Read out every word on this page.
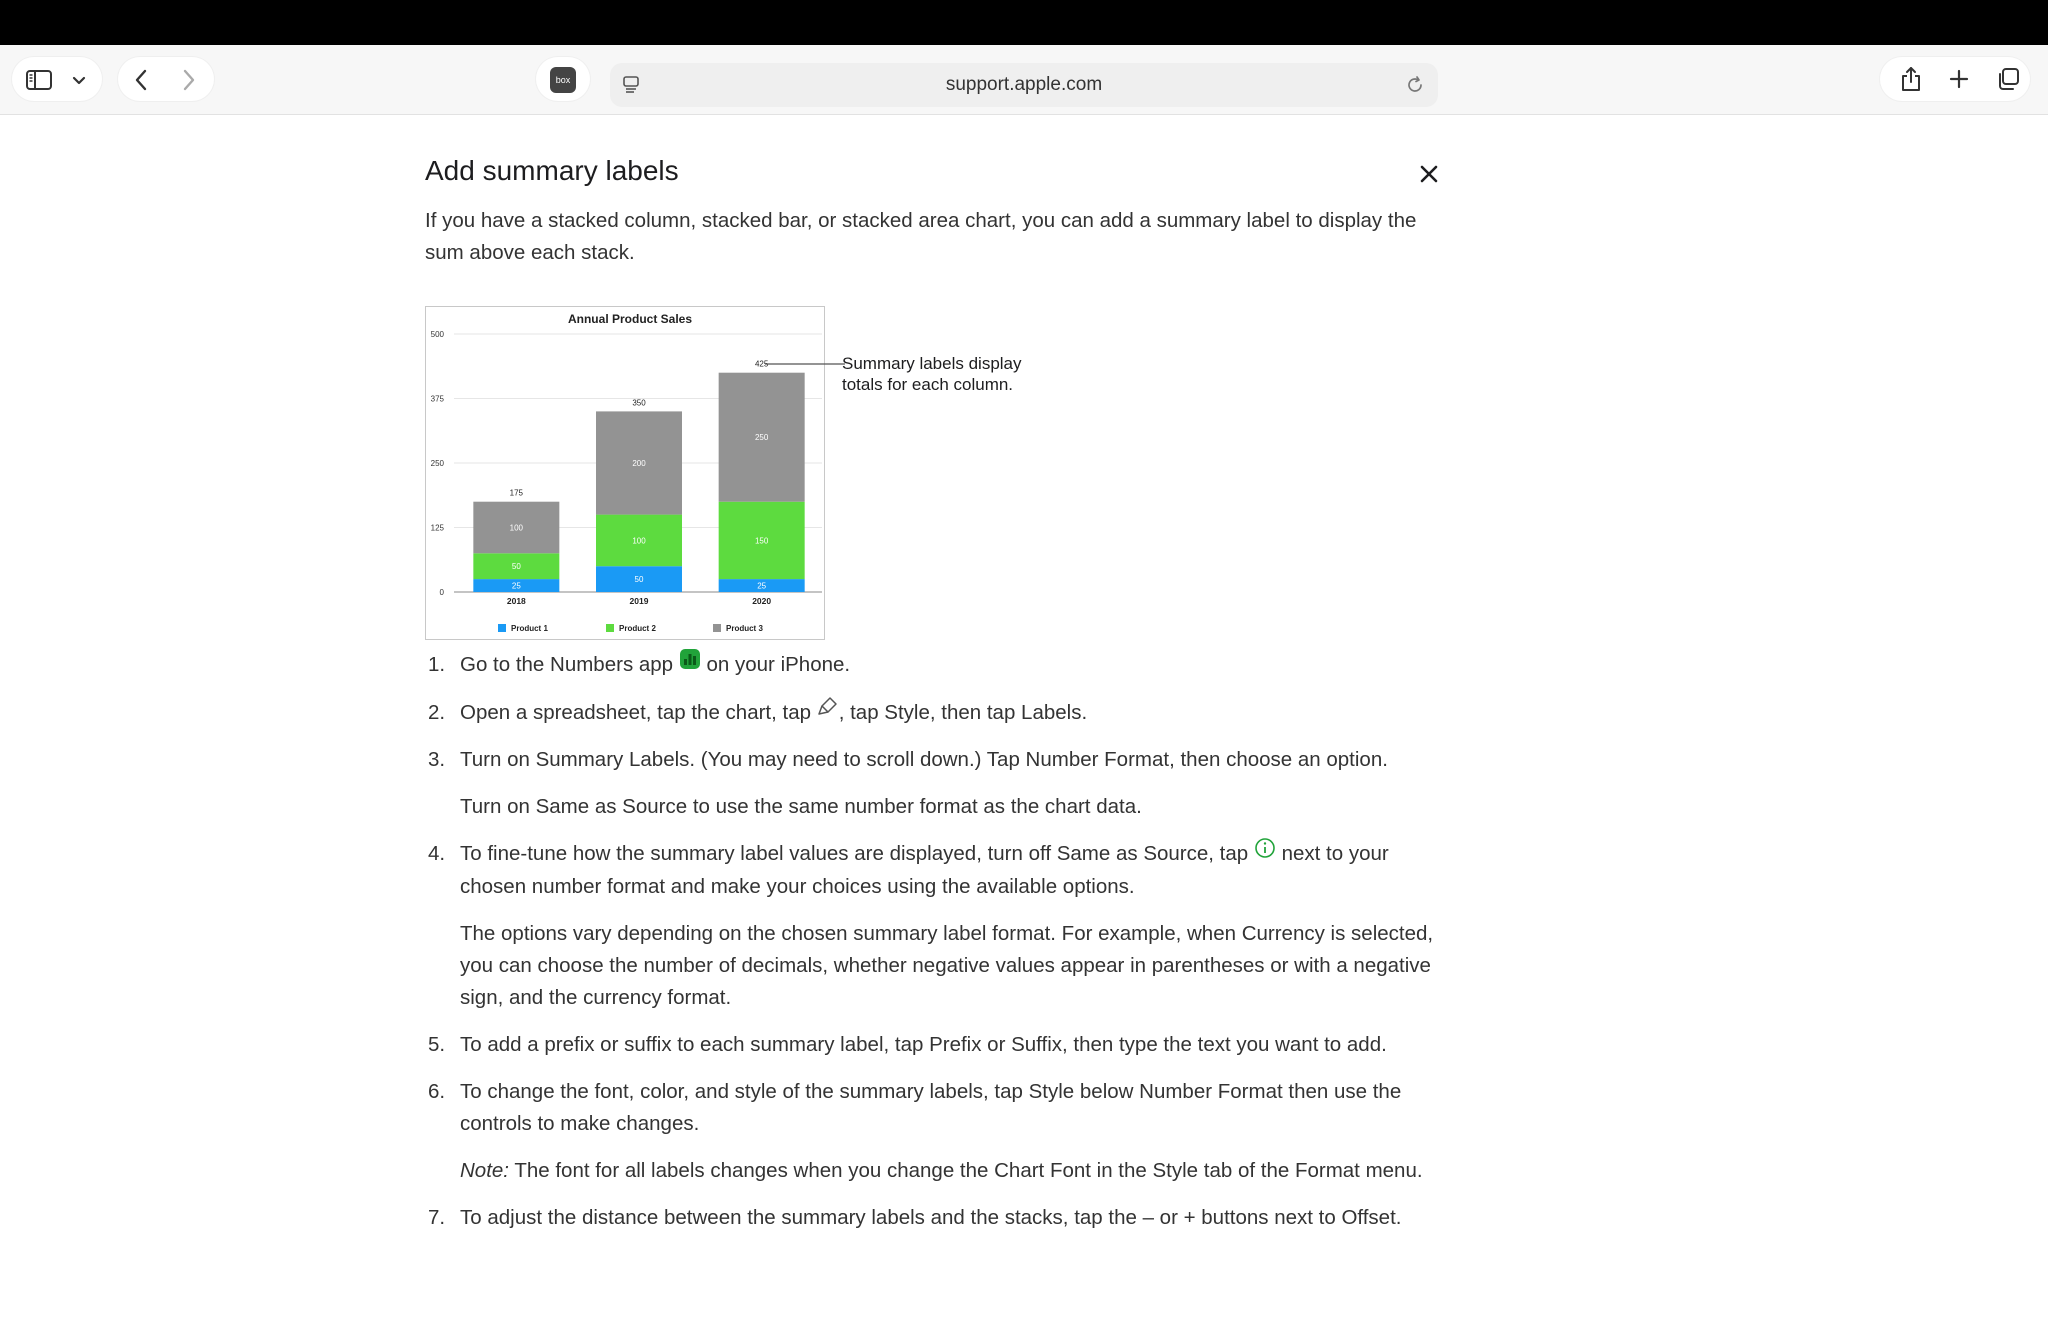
box	support.apple.com
Add summary labels

If you have a stacked column, stacked bar, or stacked area chart, you can add a summary label to display the sum above each stack.

Annual Product Sales
0
125
250
375
500
25
50
100
175
2018
50
100
200
350
2019
25
150
250
425
2020
Product 1	Product 2	Product 3
Summary labels display
totals for each column.
1. Go to the Numbers app on your iPhone.
2. Open a spreadsheet, tap the chart, tap , tap Style, then tap Labels.
3. Turn on Summary Labels. (You may need to scroll down.) Tap Number Format, then choose an option.

Turn on Same as Source to use the same number format as the chart data.

4. To fine-tune how the summary label values are displayed, turn off Same as Source, tap next to your chosen number format and make your choices using the available options.

The options vary depending on the chosen summary label format. For example, when Currency is selected, you can choose the number of decimals, whether negative values appear in parentheses or with a negative sign, and the currency format.

5. To add a prefix or suffix to each summary label, tap Prefix or Suffix, then type the text you want to add.
6. To change the font, color, and style of the summary labels, tap Style below Number Format then use the controls to make changes.

Note: The font for all labels changes when you change the Chart Font in the Style tab of the Format menu.

7. To adjust the distance between the summary labels and the stacks, tap the – or + buttons next to Offset.
